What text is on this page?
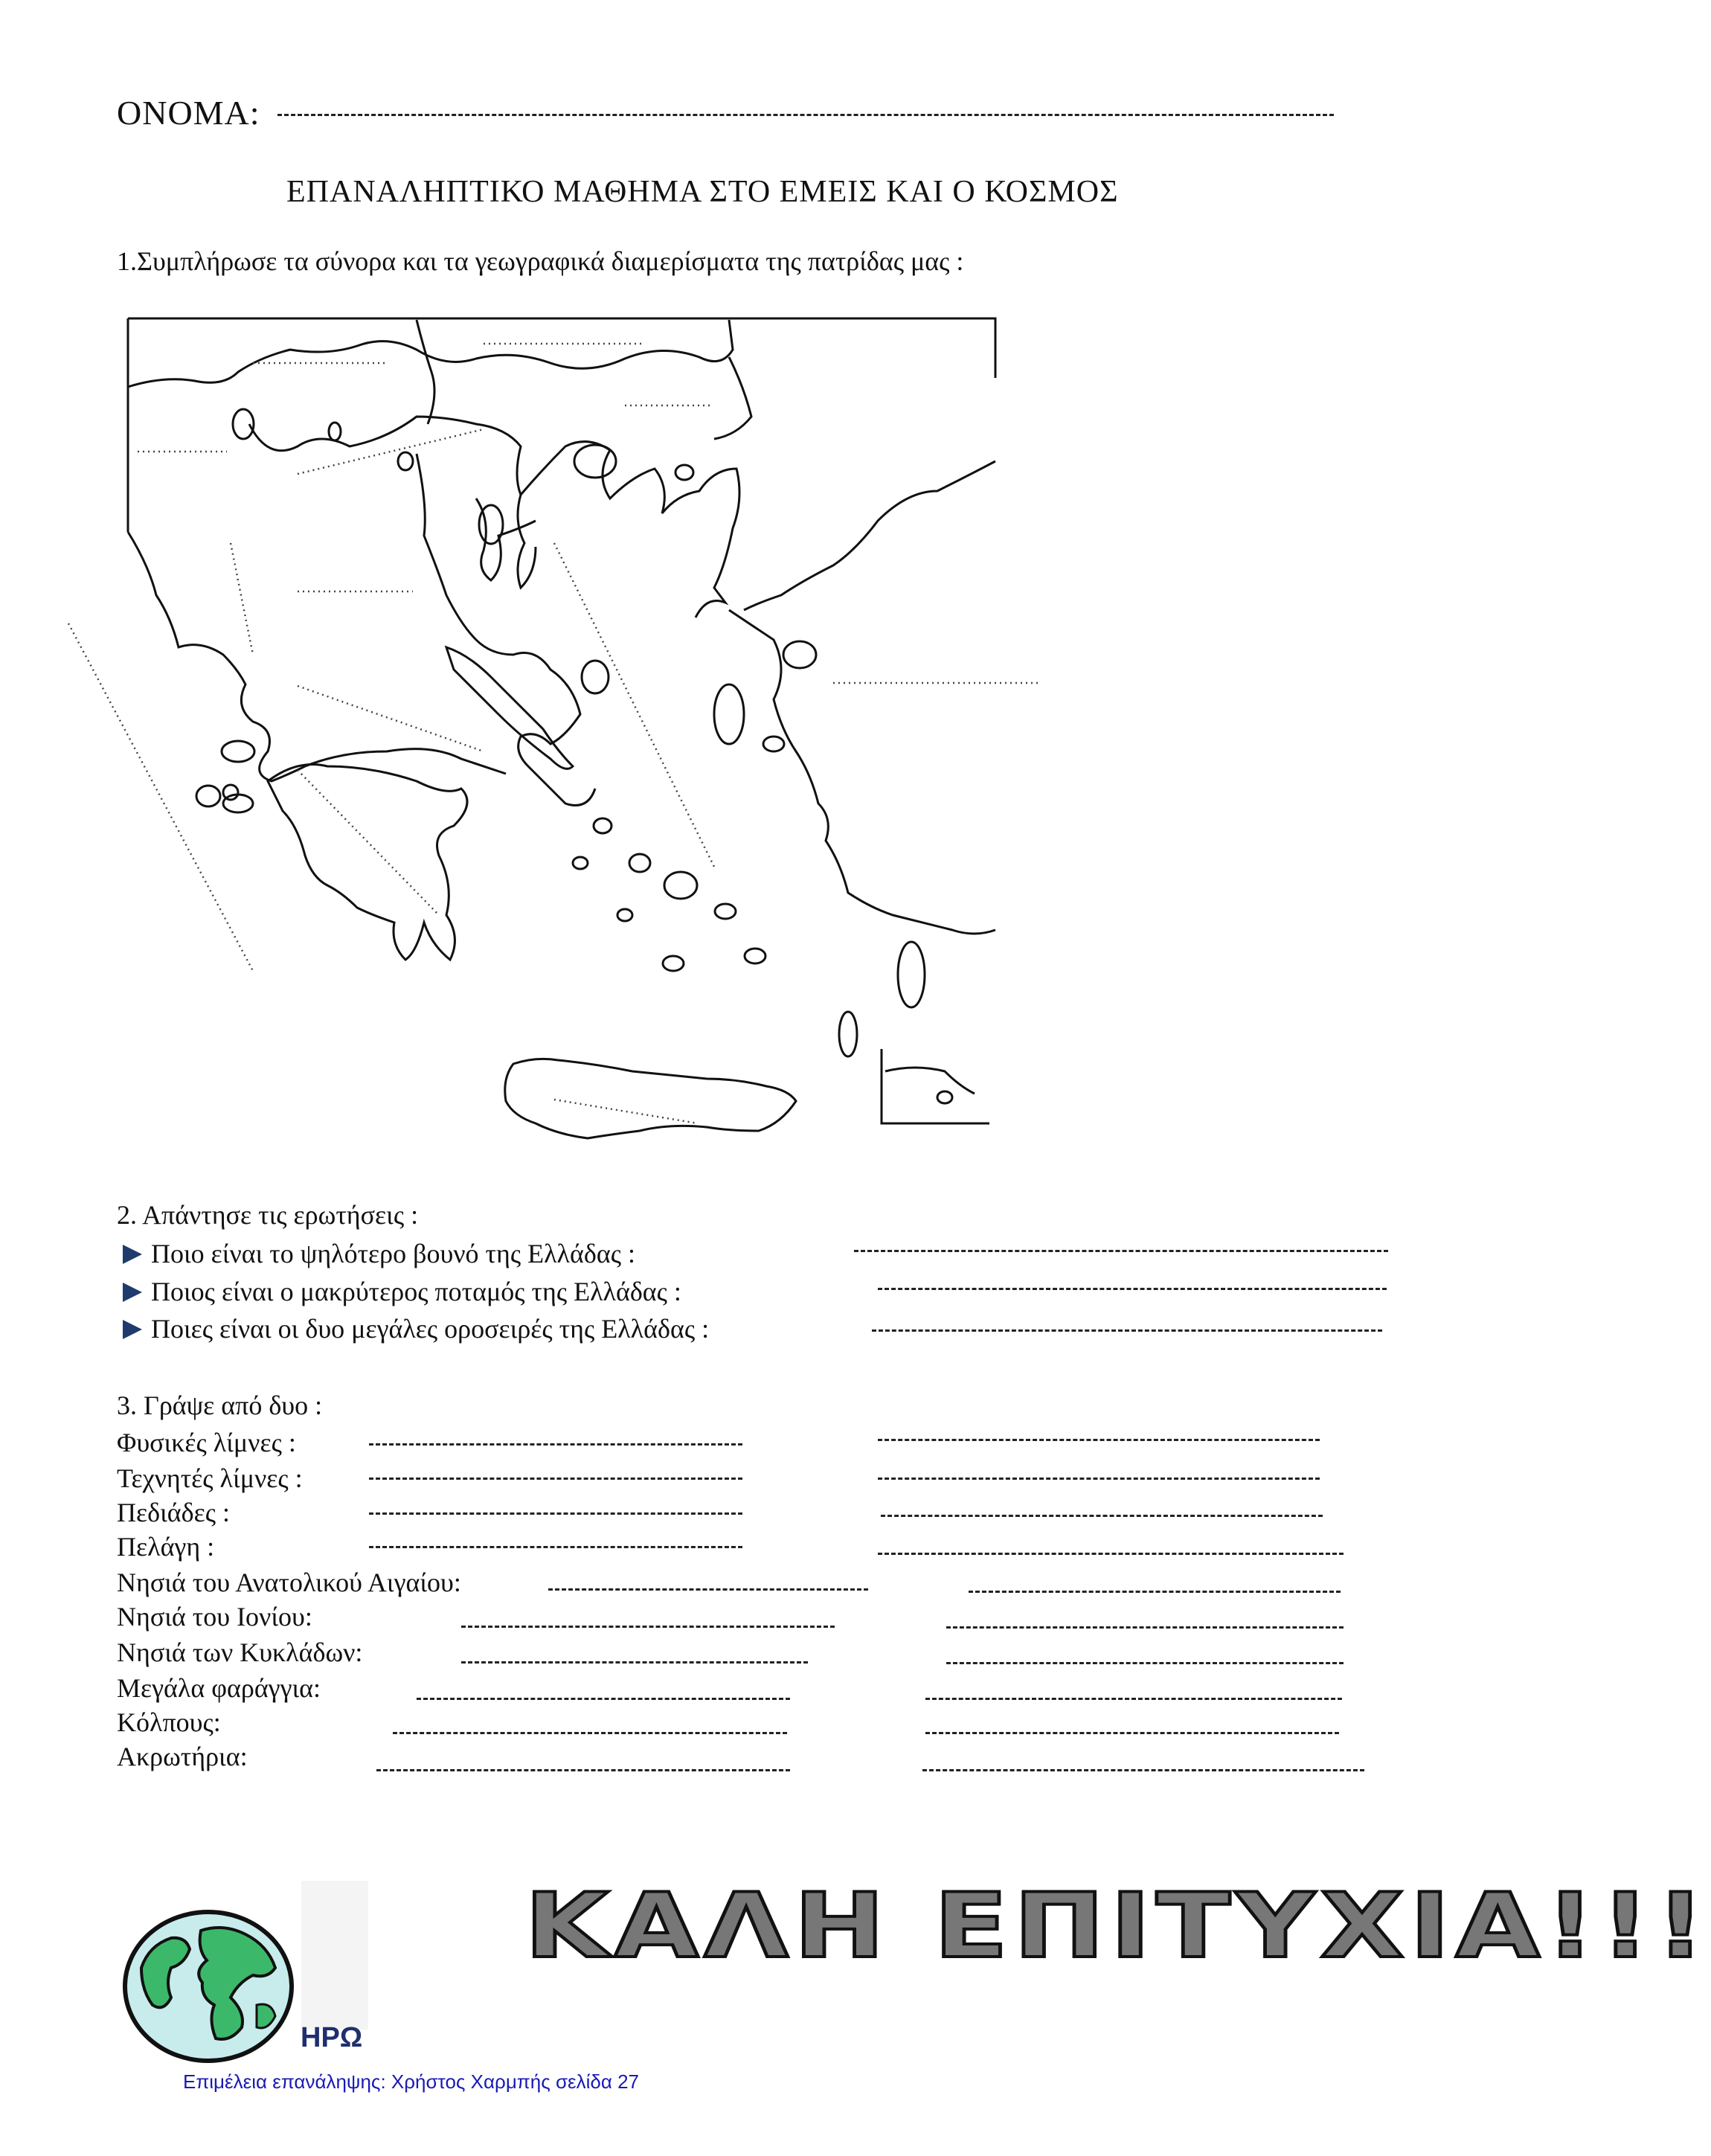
ΟΝΟΜΑ:
ΕΠΑΝΑΛΗΠΤΙΚΟ ΜΑΘΗΜΑ ΣΤΟ ΕΜΕΙΣ ΚΑΙ Ο ΚΟΣΜΟΣ
1.Συμπλήρωσε τα σύνορα και τα γεωγραφικά διαμερίσματα της πατρίδας μας :
2. Απάντησε τις ερωτήσεις :
Ποιο είναι το ψηλότερο βουνό της Ελλάδας :
Ποιος είναι ο μακρύτερος ποταμός της Ελλάδας :
Ποιες είναι οι δυο μεγάλες οροσειρές της Ελλάδας :
3. Γράψε από δυο :
Φυσικές λίμνες :
Τεχνητές λίμνες :
Πεδιάδες :
Πελάγη :
Νησιά του Ανατολικού Αιγαίου:
Νησιά του Ιονίου:
Νησιά των Κυκλάδων:
Μεγάλα φαράγγια:
Κόλπους:
Ακρωτήρια:
ΗΡΩ
ΚΑΛΗ ΕΠΙΤΥΧΙΑ!!!
Επιμέλεια επανάληψης: Χρήστος Χαρμπής σελίδα 27
